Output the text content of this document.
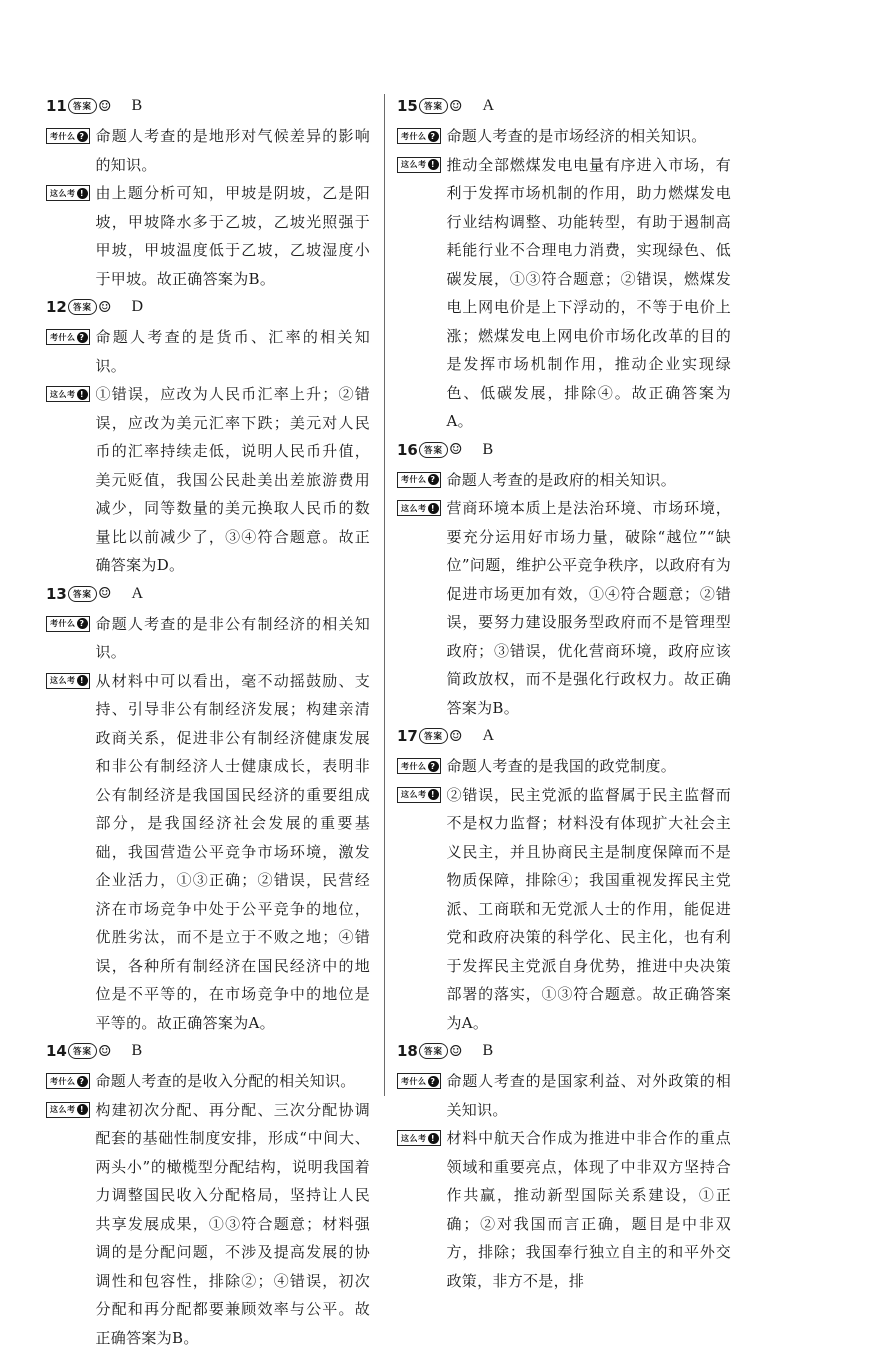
11 答案 ☺ B
考什么 ? 命题人考查的是地形对气候差异的影响的知识。
这么考 ! 由上题分析可知，甲坡是阴坡，乙是阳坡，甲坡降水多于乙坡，乙坡光照强于甲坡，甲坡温度低于乙坡，乙坡湿度小于甲坡。故正确答案为B。
12 答案 ☺ D
考什么 ? 命题人考查的是货币、汇率的相关知识。
这么考 ! ①错误，应改为人民币汇率上升；②错误，应改为美元汇率下跌；美元对人民币的汇率持续走低，说明人民币升值，美元贬值，我国公民赴美出差旅游费用减少，同等数量的美元换取人民币的数量比以前减少了，③④符合题意。故正确答案为D。
13 答案 ☺ A
考什么 ? 命题人考查的是非公有制经济的相关知识。
这么考 ! 从材料中可以看出，毫不动摇鼓励、支持、引导非公有制经济发展；构建亲清政商关系，促进非公有制经济健康发展和非公有制经济人士健康成长，表明非公有制经济是我国国民经济的重要组成部分，是我国经济社会发展的重要基础，我国营造公平竞争市场环境，激发企业活力，①③正确；②错误，民营经济在市场竞争中处于公平竞争的地位，优胜劣汰，而不是立于不败之地；④错误，各种所有制经济在国民经济中的地位是不平等的，在市场竞争中的地位是平等的。故正确答案为A。
14 答案 ☺ B
考什么 ? 命题人考查的是收入分配的相关知识。
这么考 ! 构建初次分配、再分配、三次分配协调配套的基础性制度安排，形成“中间大、两头小”的橄榄型分配结构，说明我国着力调整国民收入分配格局，坚持让人民共享发展成果，①③符合题意；材料强调的是分配问题，不涉及提高发展的协调性和包容性，排除②；④错误，初次分配和再分配都要兼顾效率与公平。故正确答案为B。
15 答案 ☺ A
考什么 ? 命题人考查的是市场经济的相关知识。
这么考 ! 推动全部燃煤发电电量有序进入市场，有利于发挥市场机制的作用，助力燃煤发电行业结构调整、功能转型，有助于遏制高耗能行业不合理电力消费，实现绿色、低碳发展，①③符合题意；②错误，燃煤发电上网电价是上下浮动的，不等于电价上涨；燃煤发电上网电价市场化改革的目的是发挥市场机制作用，推动企业实现绿色、低碳发展，排除④。故正确答案为A。
16 答案 ☺ B
考什么 ? 命题人考查的是政府的相关知识。
这么考 ! 营商环境本质上是法治环境、市场环境，要充分运用好市场力量，破除“越位”“缺位”问题，维护公平竞争秩序，以政府有为促进市场更加有效，①④符合题意；②错误，要努力建设服务型政府而不是管理型政府；③错误，优化营商环境，政府应该简政放权，而不是强化行政权力。故正确答案为B。
17 答案 ☺ A
考什么 ? 命题人考查的是我国的政党制度。
这么考 ! ②错误，民主党派的监督属于民主监督而不是权力监督；材料没有体现扩大社会主义民主，并且协商民主是制度保障而不是物质保障，排除④；我国重视发挥民主党派、工商联和无党派人士的作用，能促进党和政府决策的科学化、民主化，也有利于发挥民主党派自身优势，推进中央决策部署的落实，①③符合题意。故正确答案为A。
18 答案 ☺ B
考什么 ? 命题人考查的是国家利益、对外政策的相关知识。
这么考 ! 材料中航天合作成为推进中非合作的重点领域和重要亮点，体现了中非双方坚持合作共赢，推动新型国际关系建设，①正确；②对我国而言正确，题目是中非双方，排除；我国奉行独立自主的和平外交政策，非方不是，排
